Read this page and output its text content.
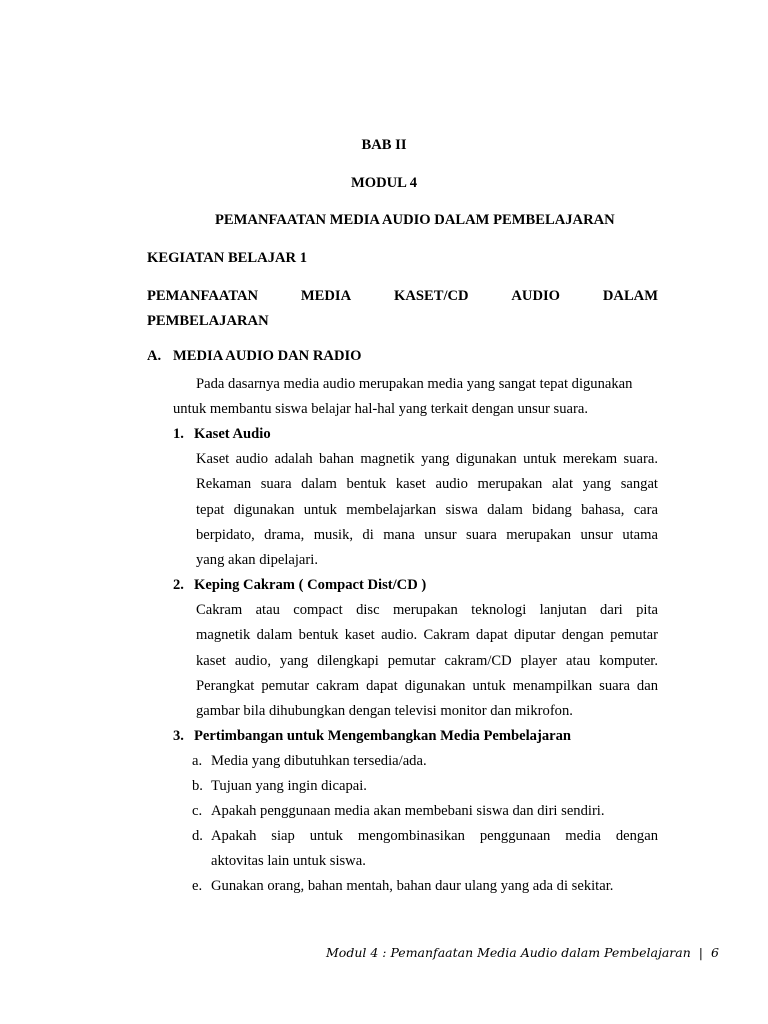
BAB II
MODUL 4
PEMANFAATAN MEDIA AUDIO DALAM PEMBELAJARAN
KEGIATAN BELAJAR 1
PEMANFAATAN	MEDIA	KASET/CD	AUDIO	DALAM
PEMBELAJARAN
A. MEDIA AUDIO DAN RADIO
Pada dasarnya media audio merupakan media yang sangat tepat digunakan
untuk membantu siswa belajar hal-hal yang terkait dengan unsur suara.
1. Kaset Audio
Kaset audio adalah bahan magnetik yang digunakan untuk merekam suara.
Rekaman suara dalam bentuk kaset audio merupakan alat yang sangat
tepat digunakan untuk membelajarkan siswa dalam bidang bahasa, cara
berpidato, drama, musik, di mana unsur suara merupakan unsur utama
yang akan dipelajari.
2. Keping Cakram ( Compact Dist/CD )
Cakram atau compact disc merupakan teknologi lanjutan dari pita
magnetik dalam bentuk kaset audio. Cakram dapat diputar dengan pemutar
kaset audio, yang dilengkapi pemutar cakram/CD player atau komputer.
Perangkat pemutar cakram dapat digunakan untuk menampilkan suara dan
gambar bila dihubungkan dengan televisi monitor dan mikrofon.
3. Pertimbangan untuk Mengembangkan Media Pembelajaran
a. Media yang dibutuhkan tersedia/ada.
b. Tujuan yang ingin dicapai.
c. Apakah penggunaan media akan membebani siswa dan diri sendiri.
d. Apakah siap untuk mengombinasikan penggunaan media dengan
aktovitas lain untuk siswa.
e. Gunakan orang, bahan mentah, bahan daur ulang yang ada di sekitar.
Modul 4 : Pemanfaatan Media Audio dalam Pembelajaran | 6
